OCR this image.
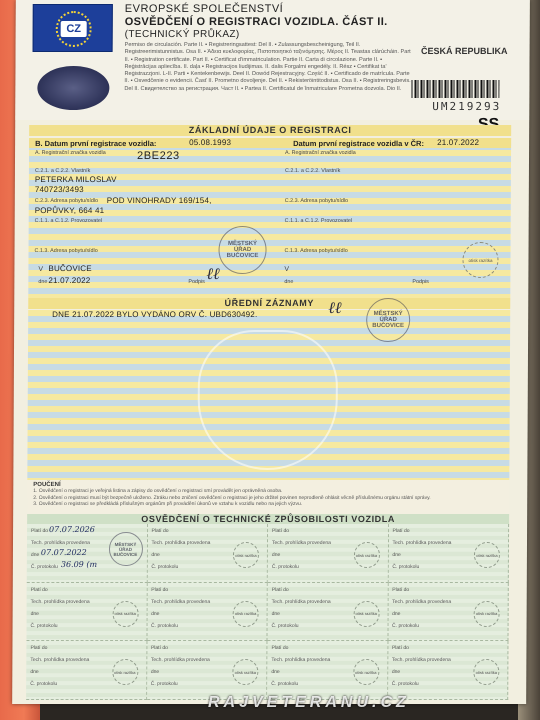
CZ
EVROPSKÉ SPOLEČENSTVÍ
OSVĚDČENÍ O REGISTRACI VOZIDLA. ČÁST II.
(TECHNICKÝ PRŮKAZ)
Permiso de circulación. Parte II. ▪ Registreringsattest: Del II. ▪ Zulassungsbescheinigung, Teil II. Registreerimistunnistus. Osa II. ▪ Άδεια κυκλοφορίας, Πιστοποιητικό ταξινόμησης. Μέρος ΙΙ. Teastas clárúcháin. Part II. ▪ Registration certificate. Part II. ▪ Certificat d'immatriculation. Partie II. Carta di circolazione. Parte II. ▪ Reģistrācijas apliecība. II. daļa ▪ Registracijos liudijimas. II. dalis Forgalmi engedély. II. Rész ▪ Certifikat ta' Reġistrazzjoni. L-II. Parti ▪ Kentekenbewijs. Deel II. Dowód Rejestracyjny. Część II. ▪ Certificado de matrícula. Parte II. ▪ Osvedčenie o evidencii. Časť II. Prometno dovoljenje. Del II. ▪ Rekisteröintitodistus. Osa II. ▪ Registreringsbevis. Del II. Свидетелство за регистрация. Част II. ▪ Partea II. Certificatul de înmatriculare Prometna dozvola. Dio II.
ČESKÁ REPUBLIKA
UM219293
ZÁKLADNÍ ÚDAJE O REGISTRACI
B. Datum první registrace vozidla:	05.08.1993	Datum první registrace vozidla v ČR: 21.07.2022
A. Registrační značka vozidla	2BE223	A. Registrační značka vozidla
C.2.1. a C.2.2. Vlastník
PETERKA MILOSLAV
740723/3493
C.2.1. a C.2.2. Vlastník
C.2.3. Adresa pobytu/sídlo POD VINOHRADY 169/154,
POPŮVKY, 664 41
C.2.3. Adresa pobytu/sídlo
C.1.1. a C.1.2. Provozovatel	C.1.1. a C.1.2. Provozovatel
C.1.3. Adresa pobytu/sídlo	C.1.3. Adresa pobytu/sídlo
MĚSTSKÝ ÚŘAD BUČOVICE
V BUČOVICE
dne 21.07.2022	Podpis ℓℓ	V
dne	Podpis
otisk razítka
ÚŘEDNÍ ZÁZNAMY
DNE 21.07.2022 BYLO VYDÁNO ORV Č. UBD630492.	ℓℓ	MĚSTSKÝ ÚŘAD BUČOVICE
POUČENÍ
1. Osvědčení o registraci je veřejná listina a zápisy do osvědčení o registraci smí provádět jen oprávněná osoba.
2. Osvědčení o registraci musí být bezpečně uloženo. Ztráku nebo zničení osvědčení o registraci je jeho držitel povinen neprodleně ohlásit věcně příslušnému orgánu státní správy.
3. Osvědčení o registraci se předkládá příslušným orgánům při provádění úkonů ve vztahu k vozidlu nebo na jejich výzvu.
OSVĚDČENÍ O TECHNICKÉ ZPŮSOBILOSTI VOZIDLA
Platí do 07.07.2026
Tech. prohlídka provedena
dne 07.07.2022
Č. protokolu 36.09 (m
MĚSTSKÝ ÚŘAD BUČOVICE
Platí do
Tech. prohlídka provedena
dne
Č. protokolu
otisk razítka
Platí do
Tech. prohlídka provedena
dne
Č. protokolu
otisk razítka
Platí do
Tech. prohlídka provedena
dne
Č. protokolu
otisk razítka
Platí do
Tech. prohlídka provedena
dne
Č. protokolu
otisk razítka
Platí do
Tech. prohlídka provedena
dne
Č. protokolu
otisk razítka
Platí do
Tech. prohlídka provedena
dne
Č. protokolu
otisk razítka
Platí do
Tech. prohlídka provedena
dne
Č. protokolu
otisk razítka
Platí do
Tech. prohlídka provedena
dne
Č. protokolu
otisk razítka
Platí do
Tech. prohlídka provedena
dne
Č. protokolu
otisk razítka
Platí do
Tech. prohlídka provedena
dne
Č. protokolu
otisk razítka
Platí do
Tech. prohlídka provedena
dne
Č. protokolu
otisk razítka
RAJVETERANU.CZ
